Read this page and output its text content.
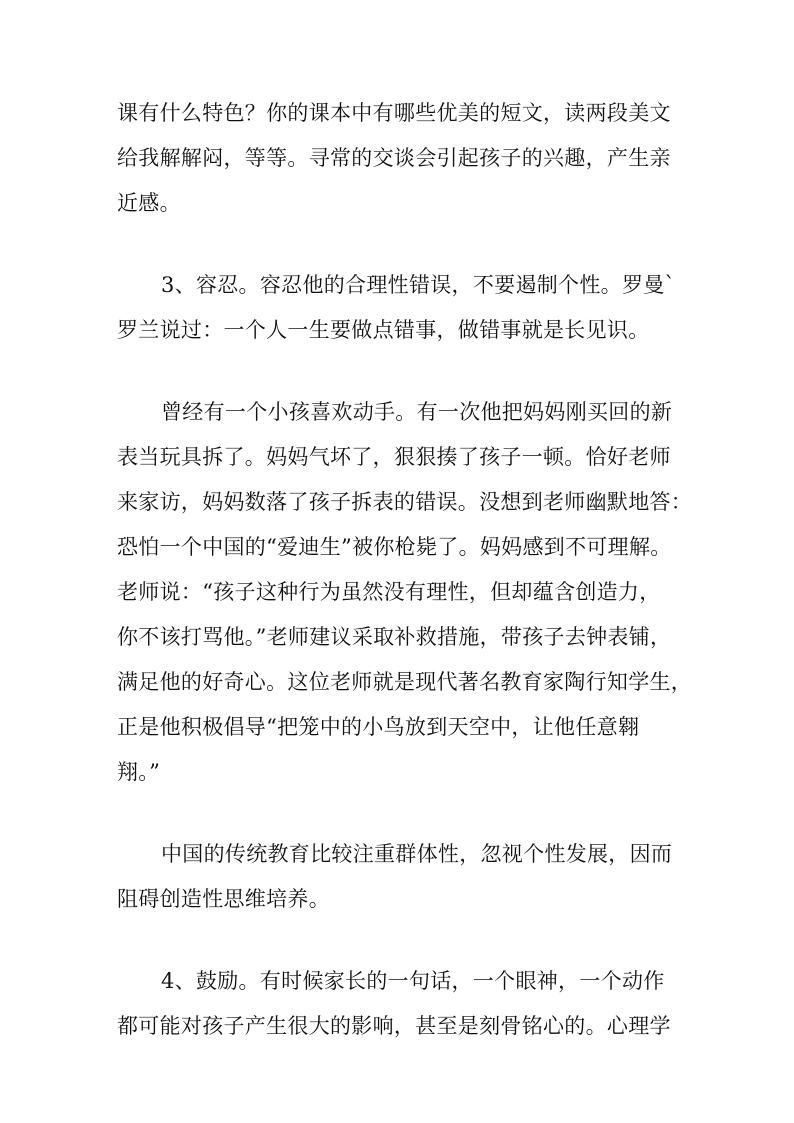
课有什么特色？你的课本中有哪些优美的短文，读两段美文
给我解解闷，等等。寻常的交谈会引起孩子的兴趣，产生亲
近感。
3、容忍。容忍他的合理性错误，不要遏制个性。罗曼`
罗兰说过：一个人一生要做点错事，做错事就是长见识。
曾经有一个小孩喜欢动手。有一次他把妈妈刚买回的新
表当玩具拆了。妈妈气坏了，狠狠揍了孩子一顿。恰好老师
来家访，妈妈数落了孩子拆表的错误。没想到老师幽默地答：
恐怕一个中国的“爱迪生”被你枪毙了。妈妈感到不可理解。
老师说：“孩子这种行为虽然没有理性，但却蕴含创造力，
你不该打骂他。”老师建议采取补救措施，带孩子去钟表铺，
满足他的好奇心。这位老师就是现代著名教育家陶行知学生，
正是他积极倡导“把笼中的小鸟放到天空中，让他任意翱
翔。”
中国的传统教育比较注重群体性，忽视个性发展，因而
阻碍创造性思维培养。
4、鼓励。有时候家长的一句话，一个眼神，一个动作
都可能对孩子产生很大的影响，甚至是刻骨铭心的。心理学
